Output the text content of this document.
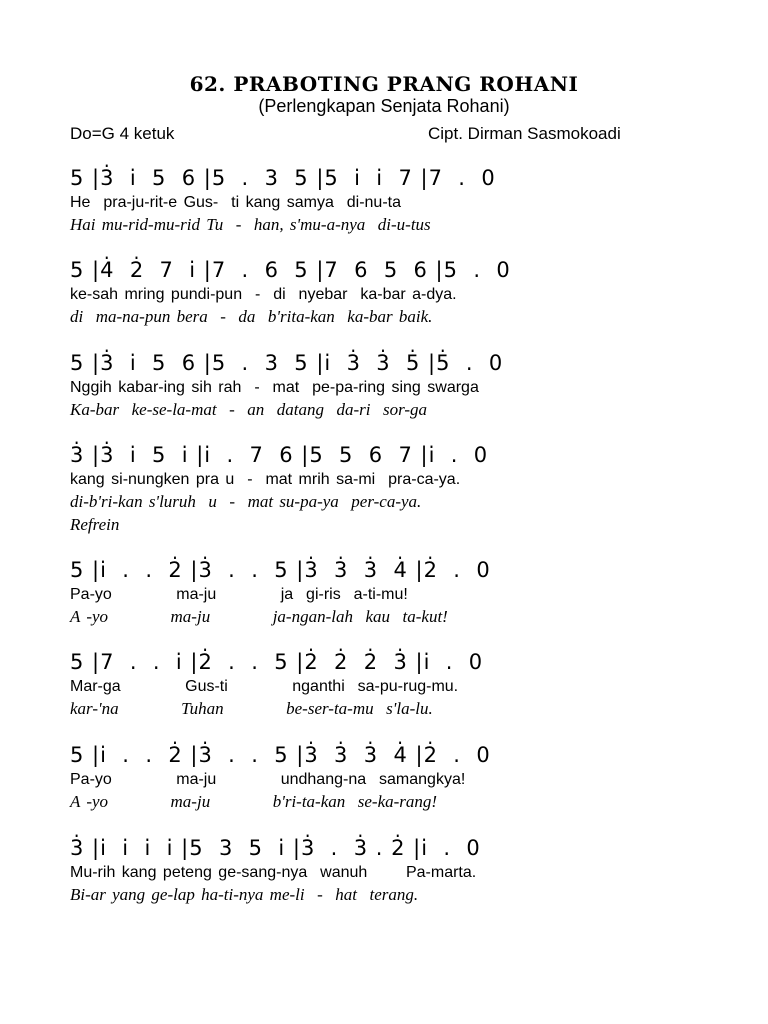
62. PRABOTING PRANG ROHANI
(Perlengkapan Senjata Rohani)
Do=G 4 ketuk	Cipt. Dirman Sasmokoadi
5 |3̇  i̇  5  6 |5  .  3  5 |5  i̇  i̇  7 |7  .  0
He  pra-ju-rit-e Gus-  ti kang samya  di-nu-ta
Hai mu-rid-mu-rid Tu  -  han, s'mu-a-nya  di-u-tus
5 |4̇  2̇  7  i̇ |7  .  6  5 |7  6  5  6 |5  .  0
ke-sah mring pundi-pun  -  di  nyebar  ka-bar a-dya.
di  ma-na-pun bera  -  da  b'rita-kan  ka-bar baik.
5 |3̇  i̇  5  6 |5  .  3  5 |i̇  3̇  3̇  5̇ |5̇  .  0
Nggih kabar-ing sih rah  -  mat  pe-pa-ring sing swarga
Ka-bar  ke-se-la-mat  -  an  datang  da-ri  sor-ga
3̇ |3̇  i̇  5  i̇ |i̇  .  7  6 |5  5  6  7 |i̇  .  0
kang si-nungken pra u  -  mat mrih sa-mi  pra-ca-ya.
di-b'ri-kan s'luruh  u  -  mat su-pa-ya  per-ca-ya.
Refrein
5 |i̇  .  .  2̇ |3̇  .  .  5 |3̇  3̇  3̇  4̇ |2̇  .  0
Pa-yo          ma-ju          ja  gi-ris  a-ti-mu!
A -yo          ma-ju          ja-ngan-lah  kau  ta-kut!
5 |7  .  .  i̇ |2̇  .  .  5 |2̇  2̇  2̇  3̇ |i̇  .  0
Mar-ga          Gus-ti          nganthi  sa-pu-rug-mu.
kar-'na          Tuhan          be-ser-ta-mu  s'la-lu.
5 |i̇  .  .  2̇ |3̇  .  .  5 |3̇  3̇  3̇  4̇ |2̇  .  0
Pa-yo          ma-ju          undhang-na  samangkya!
A -yo          ma-ju          b'ri-ta-kan  se-ka-rang!
3̇ |i̇  i̇  i̇  i̇ |5  3  5  i̇ |3̇  .  3̇ . 2̇ |i̇  .  0
Mu-rih kang peteng ge-sang-nya  wanuh      Pa-marta.
Bi-ar yang ge-lap ha-ti-nya me-li  -  hat  terang.
